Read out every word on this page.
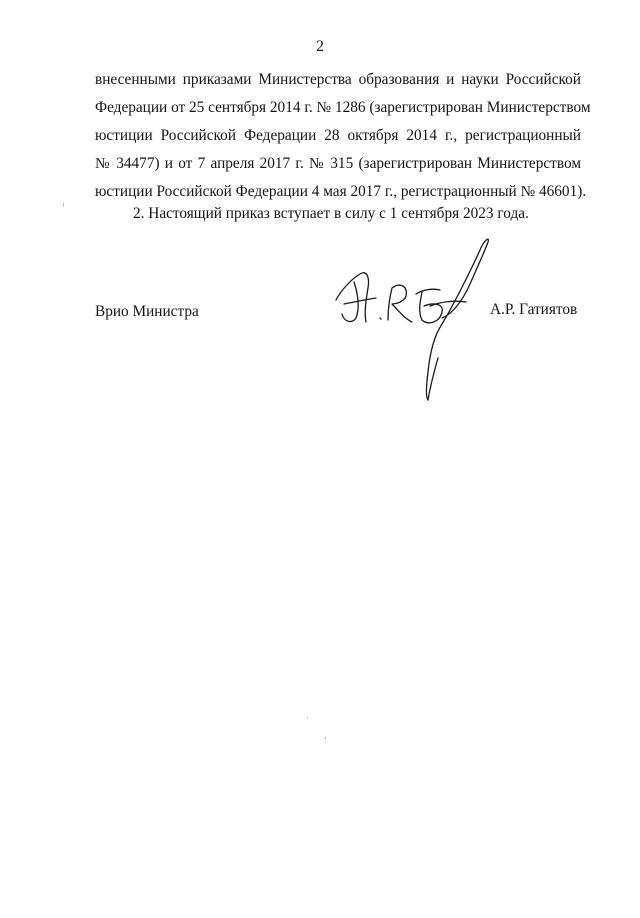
2
внесенными приказами Министерства образования и науки Российской
Федерации от 25 сентября 2014 г. № 1286 (зарегистрирован Министерством
юстиции Российской Федерации 28 октября 2014 г., регистрационный
№ 34477) и от 7 апреля 2017 г. № 315 (зарегистрирован Министерством
юстиции Российской Федерации 4 мая 2017 г., регистрационный № 46601).
2. Настоящий приказ вступает в силу с 1 сентября 2023 года.
Врио Министра	А.Р. Гатиятов
